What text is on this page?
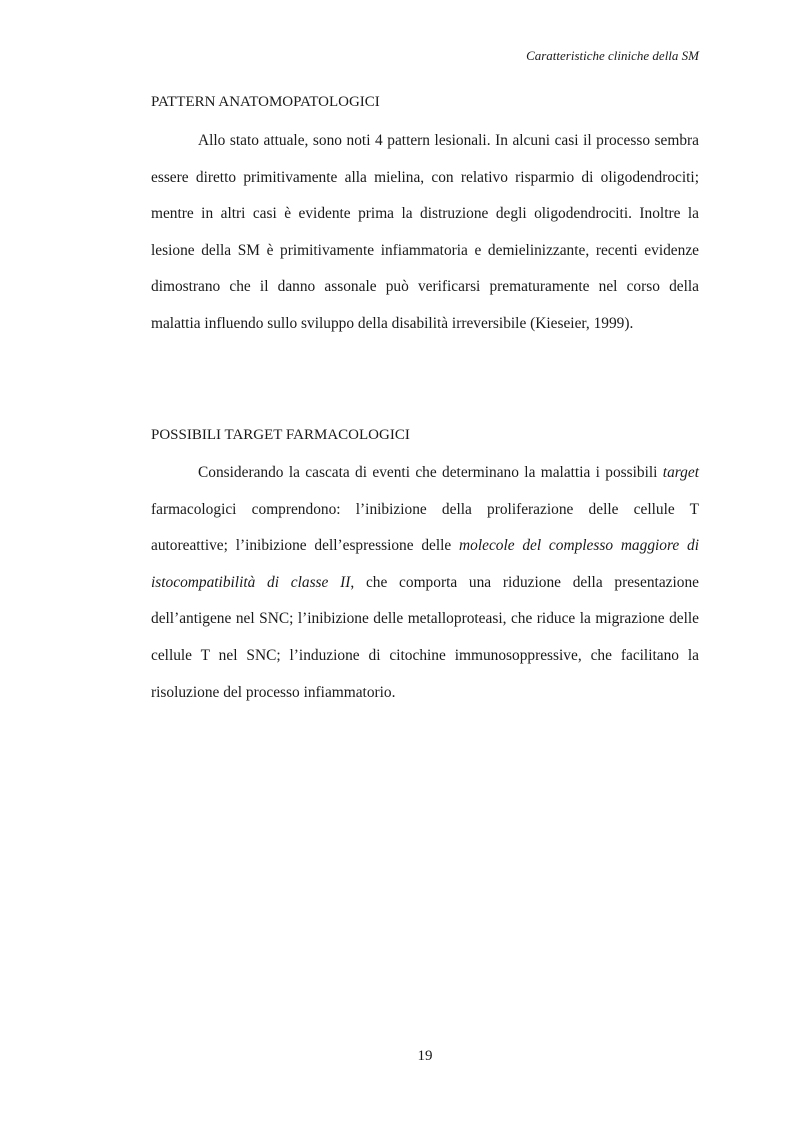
Caratteristiche cliniche della SM

PATTERN ANATOMOPATOLOGICI

Allo stato attuale, sono noti 4 pattern lesionali. In alcuni casi il processo sembra essere diretto primitivamente alla mielina, con relativo risparmio di oligodendrociti; mentre in altri casi è evidente prima la distruzione degli oligodendrociti. Inoltre la lesione della SM è primitivamente infiammatoria e demielinizzante, recenti evidenze dimostrano che il danno assonale può verificarsi prematuramente nel corso della malattia influendo sullo sviluppo della disabilità irreversibile (Kieseier, 1999).

POSSIBILI TARGET FARMACOLOGICI

Considerando la cascata di eventi che determinano la malattia i possibili target farmacologici comprendono: l’inibizione della proliferazione delle cellule T autoreattive; l’inibizione dell’espressione delle molecole del complesso maggiore di istocompatibilità di classe II, che comporta una riduzione della presentazione dell’antigene nel SNC; l’inibizione delle metalloproteasi, che riduce la migrazione delle cellule T nel SNC; l’induzione di citochine immunosoppressive, che facilitano la risoluzione del processo infiammatorio.

19
